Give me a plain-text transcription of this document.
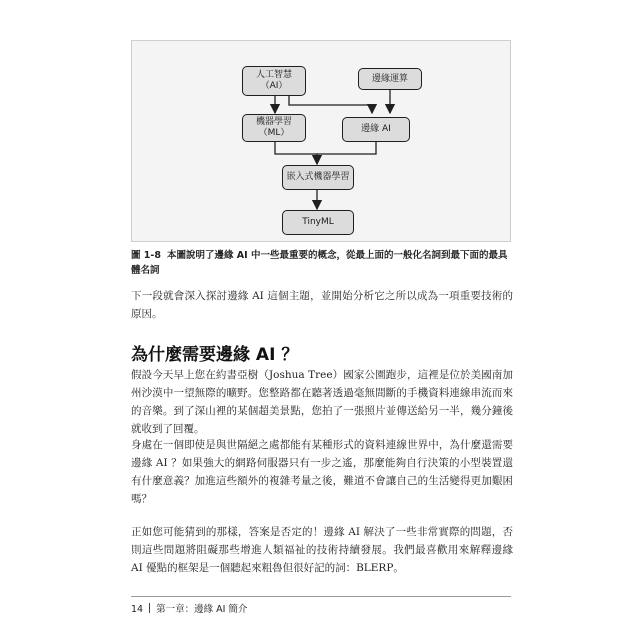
人工智慧
（AI）
邊緣運算
機器學習
（ML）	邊緣 AI
嵌入式機器學習
TinyML
圖 1-8 本圖說明了邊緣 AI 中一些最重要的概念，從最上面的一般化名詞到最下面的最具體名詞
下一段就會深入探討邊緣 AI 這個主題，並開始分析它之所以成為一項重要技術的原因。
為什麼需要邊緣 AI ？
假設今天早上您在約書亞樹（Joshua Tree）國家公園跑步，這裡是位於美國南加州沙漠中一望無際的曠野。您整路都在聽著透過毫無間斷的手機資料連線串流而來的音樂。到了深山裡的某個超美景點，您拍了一張照片並傳送給另一半，幾分鐘後就收到了回覆。
身處在一個即使是與世隔絕之處都能有某種形式的資料連線世界中，為什麼還需要邊緣 AI ？如果強大的網路伺服器只有一步之遙，那麼能夠自行決策的小型裝置還有什麼意義？加進這些額外的複雜考量之後，難道不會讓自己的生活變得更加艱困嗎？
正如您可能猜到的那樣，答案是否定的！邊緣 AI 解決了一些非常實際的問題，否則這些問題將阻礙那些增進人類福祉的技術持續發展。我們最喜歡用來解釋邊緣 AI 優點的框架是一個聽起來粗魯但很好記的詞：BLERP。
14 第一章：邊緣 AI 簡介
